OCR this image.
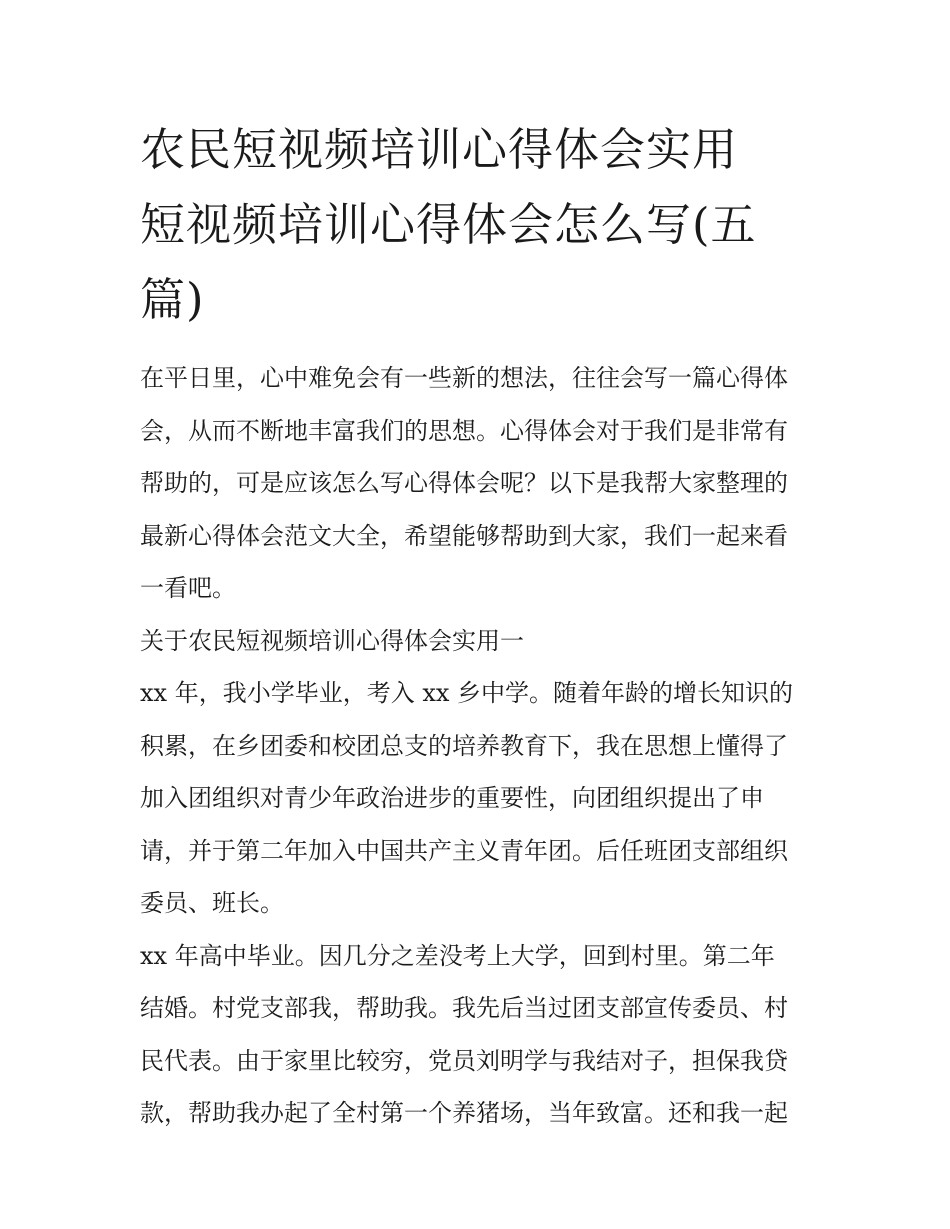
农民短视频培训心得体会实用
短视频培训心得体会怎么写(五
篇)
在平日里，心中难免会有一些新的想法，往往会写一篇心得体
会，从而不断地丰富我们的思想。心得体会对于我们是非常有
帮助的，可是应该怎么写心得体会呢？以下是我帮大家整理的
最新心得体会范文大全，希望能够帮助到大家，我们一起来看
一看吧。
关于农民短视频培训心得体会实用一
xx 年，我小学毕业，考入 xx 乡中学。随着年龄的增长知识的
积累，在乡团委和校团总支的培养教育下，我在思想上懂得了
加入团组织对青少年政治进步的重要性，向团组织提出了申
请，并于第二年加入中国共产主义青年团。后任班团支部组织
委员、班长。
xx 年高中毕业。因几分之差没考上大学，回到村里。第二年
结婚。村党支部我，帮助我。我先后当过团支部宣传委员、村
民代表。由于家里比较穷，党员刘明学与我结对子，担保我贷
款，帮助我办起了全村第一个养猪场，当年致富。还和我一起
